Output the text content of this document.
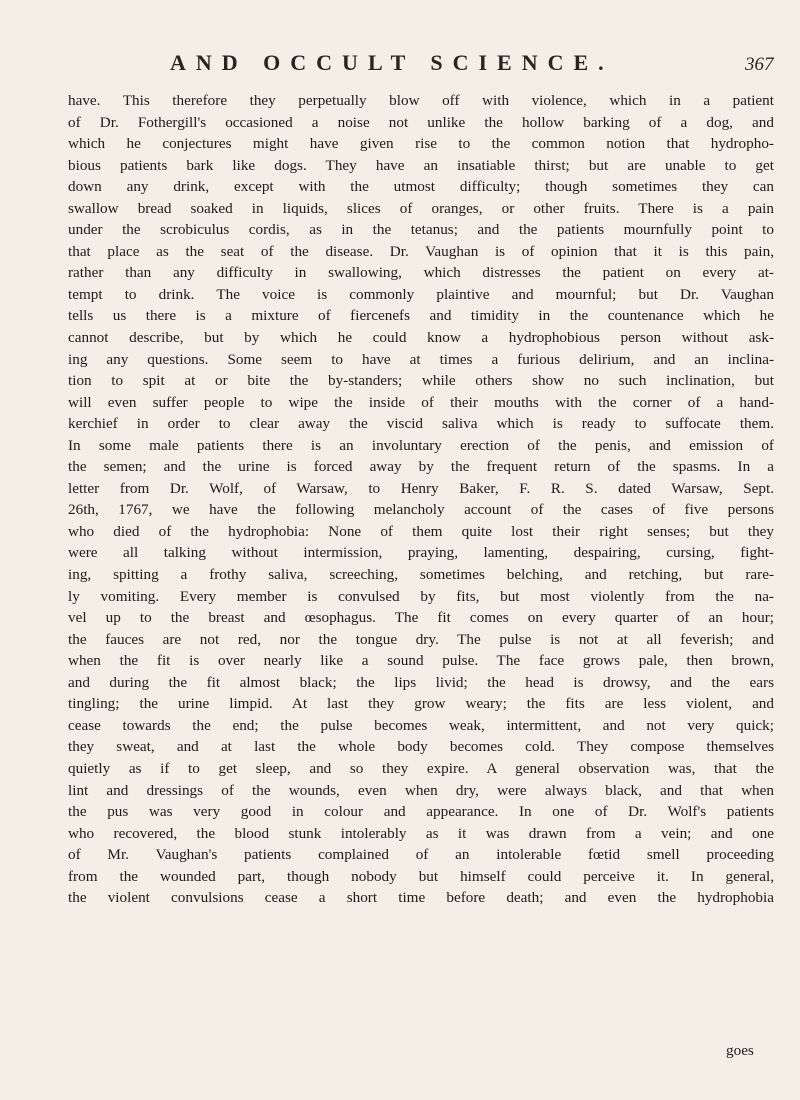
AND OCCULT SCIENCE.	367
have. This therefore they perpetually blow off with violence, which in a patient
of Dr. Fothergill's occasioned a noise not unlike the hollow barking of a dog, and
which he conjectures might have given rise to the common notion that hydropho-
bious patients bark like dogs. They have an insatiable thirst; but are unable to get
down any drink, except with the utmost difficulty; though sometimes they can
swallow bread soaked in liquids, slices of oranges, or other fruits. There is a pain
under the scrobiculus cordis, as in the tetanus; and the patients mournfully point to
that place as the seat of the disease. Dr. Vaughan is of opinion that it is this pain,
rather than any difficulty in swallowing, which distresses the patient on every at-
tempt to drink. The voice is commonly plaintive and mournful; but Dr. Vaughan
tells us there is a mixture of fiercenefs and timidity in the countenance which he
cannot describe, but by which he could know a hydrophobious person without ask-
ing any questions. Some seem to have at times a furious delirium, and an inclina-
tion to spit at or bite the by-standers; while others show no such inclination, but
will even suffer people to wipe the inside of their mouths with the corner of a hand-
kerchief in order to clear away the viscid saliva which is ready to suffocate them.
In some male patients there is an involuntary erection of the penis, and emission of
the semen; and the urine is forced away by the frequent return of the spasms. In a
letter from Dr. Wolf, of Warsaw, to Henry Baker, F. R. S. dated Warsaw, Sept.
26th, 1767, we have the following melancholy account of the cases of five persons
who died of the hydrophobia: None of them quite lost their right senses; but they
were all talking without intermission, praying, lamenting, despairing, cursing, fight-
ing, spitting a frothy saliva, screeching, sometimes belching, and retching, but rare-
ly vomiting. Every member is convulsed by fits, but most violently from the na-
vel up to the breast and œsophagus. The fit comes on every quarter of an hour;
the fauces are not red, nor the tongue dry. The pulse is not at all feverish; and
when the fit is over nearly like a sound pulse. The face grows pale, then brown,
and during the fit almost black; the lips livid; the head is drowsy, and the ears
tingling; the urine limpid. At last they grow weary; the fits are less violent, and
cease towards the end; the pulse becomes weak, intermittent, and not very quick;
they sweat, and at last the whole body becomes cold. They compose themselves
quietly as if to get sleep, and so they expire. A general observation was, that the
lint and dressings of the wounds, even when dry, were always black, and that when
the pus was very good in colour and appearance. In one of Dr. Wolf's patients
who recovered, the blood stunk intolerably as it was drawn from a vein; and one
of Mr. Vaughan's patients complained of an intolerable fœtid smell proceeding
from the wounded part, though nobody but himself could perceive it. In general,
the violent convulsions cease a short time before death; and even the hydrophobia
goes
